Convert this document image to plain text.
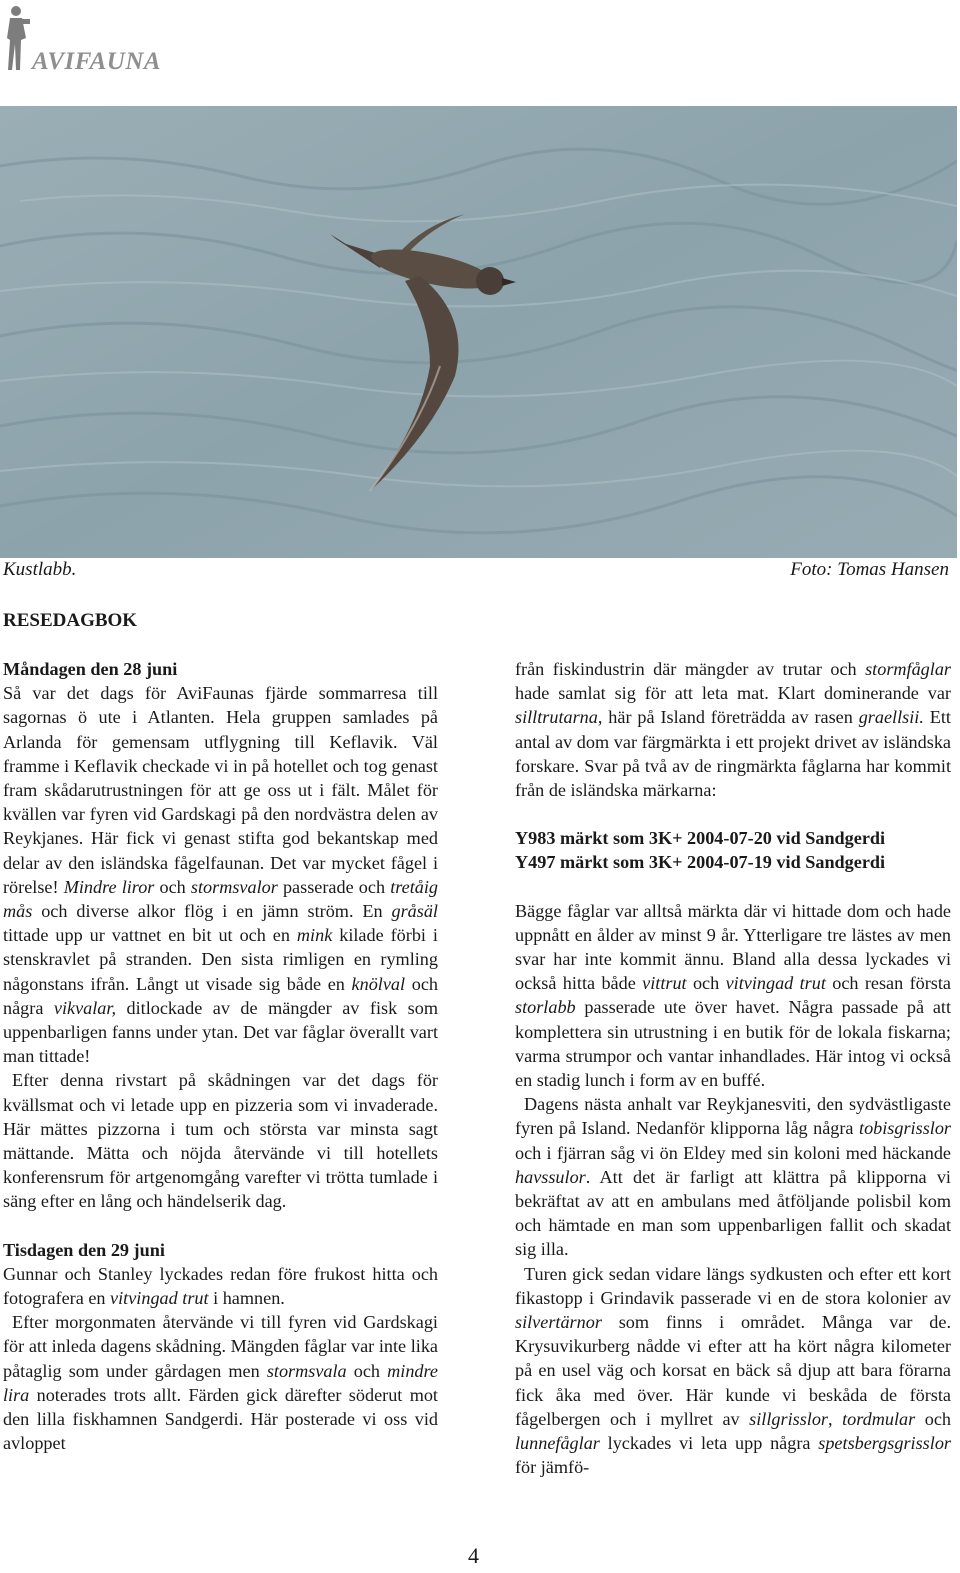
AVIFAUNA
Kustlabb.	Foto: Tomas Hansen
RESEDAGBOK

Måndagen den 28 juni

Så var det dags för AviFaunas fjärde sommarresa till sagornas ö ute i Atlanten. Hela gruppen samlades på Arlanda för gemensam utflygning till Keflavik. Väl framme i Keflavik checkade vi in på hotellet och tog genast fram skådarutrustningen för att ge oss ut i fält. Målet för kvällen var fyren vid Gardskagi på den nordvästra delen av Reykjanes. Här fick vi genast stifta god bekantskap med delar av den isländska fågelfaunan. Det var mycket fågel i rörelse! Mindre liror och stormsvalor passerade och tretåig mås och diverse alkor flög i en jämn ström. En gråsäl tittade upp ur vattnet en bit ut och en mink kilade förbi i stenskravlet på stranden. Den sista rimligen en rymling någonstans ifrån. Långt ut visade sig både en knölval och några vikvalar, ditlockade av de mängder av fisk som uppenbarligen fanns under ytan. Det var fåglar överallt vart man tittade!

Efter denna rivstart på skådningen var det dags för kvällsmat och vi letade upp en pizzeria som vi invaderade. Här mättes pizzorna i tum och största var minsta sagt mättande. Mätta och nöjda återvände vi till hotellets konferensrum för artgenomgång varefter vi trötta tumlade i säng efter en lång och händelserik dag.

Tisdagen den 29 juni

Gunnar och Stanley lyckades redan före frukost hitta och fotografera en vitvingad trut i hamnen.

Efter morgonmaten återvände vi till fyren vid Gardskagi för att inleda dagens skådning. Mängden fåglar var inte lika påtaglig som under gårdagen men stormsvala och mindre lira noterades trots allt. Färden gick därefter söderut mot den lilla fiskhamnen Sandgerdi. Här posterade vi oss vid avloppet

från fiskindustrin där mängder av trutar och stormfåglar hade samlat sig för att leta mat. Klart dominerande var silltrutarna, här på Island företrädda av rasen graellsii. Ett antal av dom var färgmärkta i ett projekt drivet av isländska forskare. Svar på två av de ringmärkta fåglarna har kommit från de isländska märkarna:

Y983 märkt som 3K+ 2004-07-20 vid Sandgerdi

Y497 märkt som 3K+ 2004-07-19 vid Sandgerdi

Bägge fåglar var alltså märkta där vi hittade dom och hade uppnått en ålder av minst 9 år. Ytterligare tre lästes av men svar har inte kommit ännu. Bland alla dessa lyckades vi också hitta både vittrut och vitvingad trut och resan första storlabb passerade ute över havet. Några passade på att komplettera sin utrustning i en butik för de lokala fiskarna; varma strumpor och vantar inhandlades. Här intog vi också en stadig lunch i form av en buffé.

Dagens nästa anhalt var Reykjanesviti, den sydvästligaste fyren på Island. Nedanför klipporna låg några tobisgrisslor och i fjärran såg vi ön Eldey med sin koloni med häckande havssulor. Att det är farligt att klättra på klipporna vi bekräftat av att en ambulans med åtföljande polisbil kom och hämtade en man som uppenbarligen fallit och skadat sig illa.

Turen gick sedan vidare längs sydkusten och efter ett kort fikastopp i Grindavik passerade vi en de stora kolonier av silvertärnor som finns i området. Många var de. Krysuvikurberg nådde vi efter att ha kört några kilometer på en usel väg och korsat en bäck så djup att bara förarna fick åka med över. Här kunde vi beskåda de första fågelbergen och i myllret av sillgrisslor, tordmular och lunnefåglar lyckades vi leta upp några spetsbergsgrisslor för jämfö-

4
